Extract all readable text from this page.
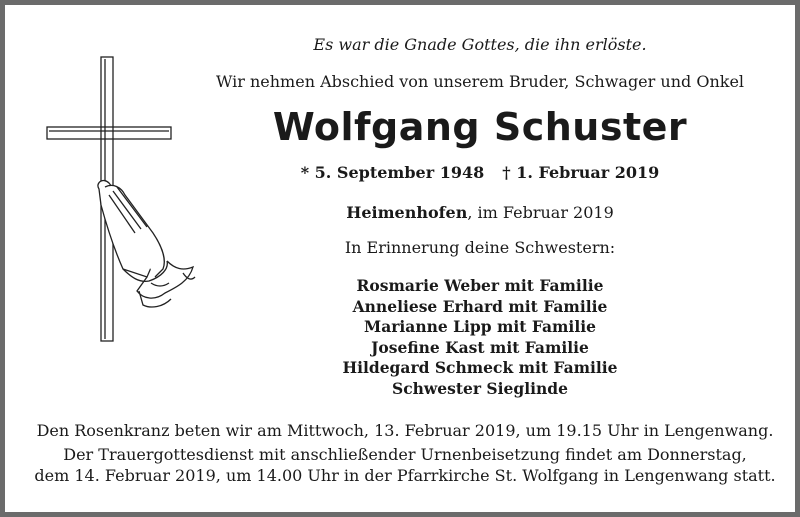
Es war die Gnade Gottes, die ihn erlöste.
Wir nehmen Abschied von unserem Bruder, Schwager und Onkel
Wolfgang Schuster
* 5. September 1948 † 1. Februar 2019
Heimenhofen, im Februar 2019
In Erinnerung deine Schwestern:
Rosmarie Weber mit Familie
Anneliese Erhard mit Familie
Marianne Lipp mit Familie
Josefine Kast mit Familie
Hildegard Schmeck mit Familie
Schwester Sieglinde
Den Rosenkranz beten wir am Mittwoch, 13. Februar 2019, um 19.15 Uhr in Lengenwang.
Der Trauergottesdienst mit anschließender Urnenbeisetzung findet am Donnerstag,
dem 14. Februar 2019, um 14.00 Uhr in der Pfarrkirche St. Wolfgang in Lengenwang statt.
